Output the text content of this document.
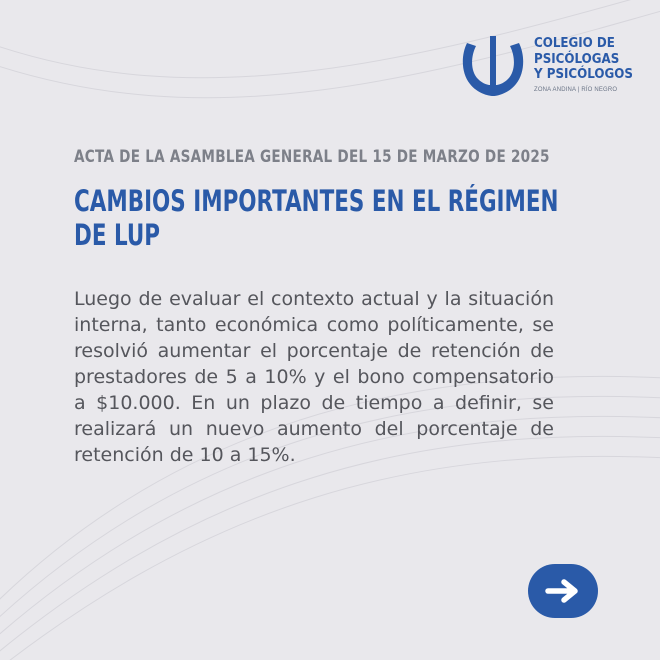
COLEGIO DE
PSICÓLOGAS
Y PSICÓLOGOS
ZONA ANDINA | RÍO NEGRO
ACTA DE LA ASAMBLEA GENERAL DEL 15 DE MARZO DE 2025
CAMBIOS IMPORTANTES EN EL RÉGIMEN
DE LUP

Luego de evaluar el contexto actual y la situación interna, tanto económica como políticamente, se resolvió aumentar el porcentaje de retención de prestadores de 5 a 10% y el bono compensatorio a $10.000. En un plazo de tiempo a definir, se realizará un nuevo aumento del porcentaje de retención de 10 a 15%.
